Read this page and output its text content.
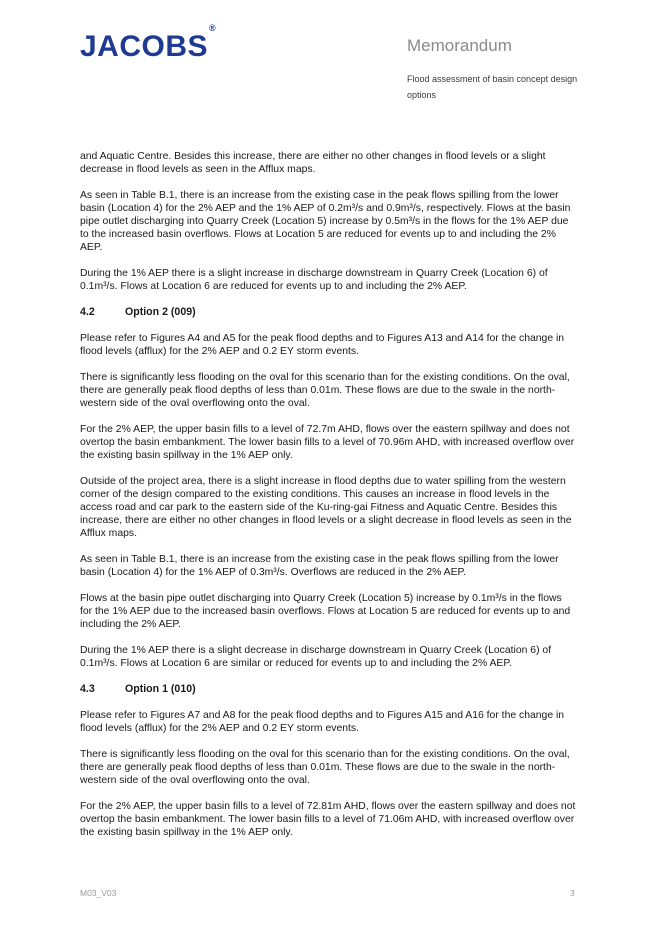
JACOBS®
Memorandum
Flood assessment of basin concept design options

and Aquatic Centre. Besides this increase, there are either no other changes in flood levels or a slight decrease in flood levels as seen in the Afflux maps.

As seen in Table B.1, there is an increase from the existing case in the peak flows spilling from the lower basin (Location 4) for the 2% AEP and the 1% AEP of 0.2m³/s and 0.9m³/s, respectively. Flows at the basin pipe outlet discharging into Quarry Creek (Location 5) increase by 0.5m³/s in the flows for the 1% AEP due to the increased basin overflows. Flows at Location 5 are reduced for events up to and including the 2% AEP.

During the 1% AEP there is a slight increase in discharge downstream in Quarry Creek (Location 6) of 0.1m³/s. Flows at Location 6 are reduced for events up to and including the 2% AEP.

4.2	Option 2 (009)

Please refer to Figures A4 and A5 for the peak flood depths and to Figures A13 and A14 for the change in flood levels (afflux) for the 2% AEP and 0.2 EY storm events.

There is significantly less flooding on the oval for this scenario than for the existing conditions. On the oval, there are generally peak flood depths of less than 0.01m. These flows are due to the swale in the north-western side of the oval overflowing onto the oval.

For the 2% AEP, the upper basin fills to a level of 72.7m AHD, flows over the eastern spillway and does not overtop the basin embankment. The lower basin fills to a level of 70.96m AHD, with increased overflow over the existing basin spillway in the 1% AEP only.

Outside of the project area, there is a slight increase in flood depths due to water spilling from the western corner of the design compared to the existing conditions. This causes an increase in flood levels in the access road and car park to the eastern side of the Ku-ring-gai Fitness and Aquatic Centre. Besides this increase, there are either no other changes in flood levels or a slight decrease in flood levels as seen in the Afflux maps.

As seen in Table B.1, there is an increase from the existing case in the peak flows spilling from the lower basin (Location 4) for the 1% AEP of 0.3m³/s. Overflows are reduced in the 2% AEP.

Flows at the basin pipe outlet discharging into Quarry Creek (Location 5) increase by 0.1m³/s in the flows for the 1% AEP due to the increased basin overflows. Flows at Location 5 are reduced for events up to and including the 2% AEP.

During the 1% AEP there is a slight decrease in discharge downstream in Quarry Creek (Location 6) of 0.1m³/s. Flows at Location 6 are similar or reduced for events up to and including the 2% AEP.

4.3	Option 1 (010)

Please refer to Figures A7 and A8 for the peak flood depths and to Figures A15 and A16 for the change in flood levels (afflux) for the 2% AEP and 0.2 EY storm events.

There is significantly less flooding on the oval for this scenario than for the existing conditions. On the oval, there are generally peak flood depths of less than 0.01m. These flows are due to the swale in the north-western side of the oval overflowing onto the oval.

For the 2% AEP, the upper basin fills to a level of 72.81m AHD, flows over the eastern spillway and does not overtop the basin embankment. The lower basin fills to a level of 71.06m AHD, with increased overflow over the existing basin spillway in the 1% AEP only.

M03_V03	3
